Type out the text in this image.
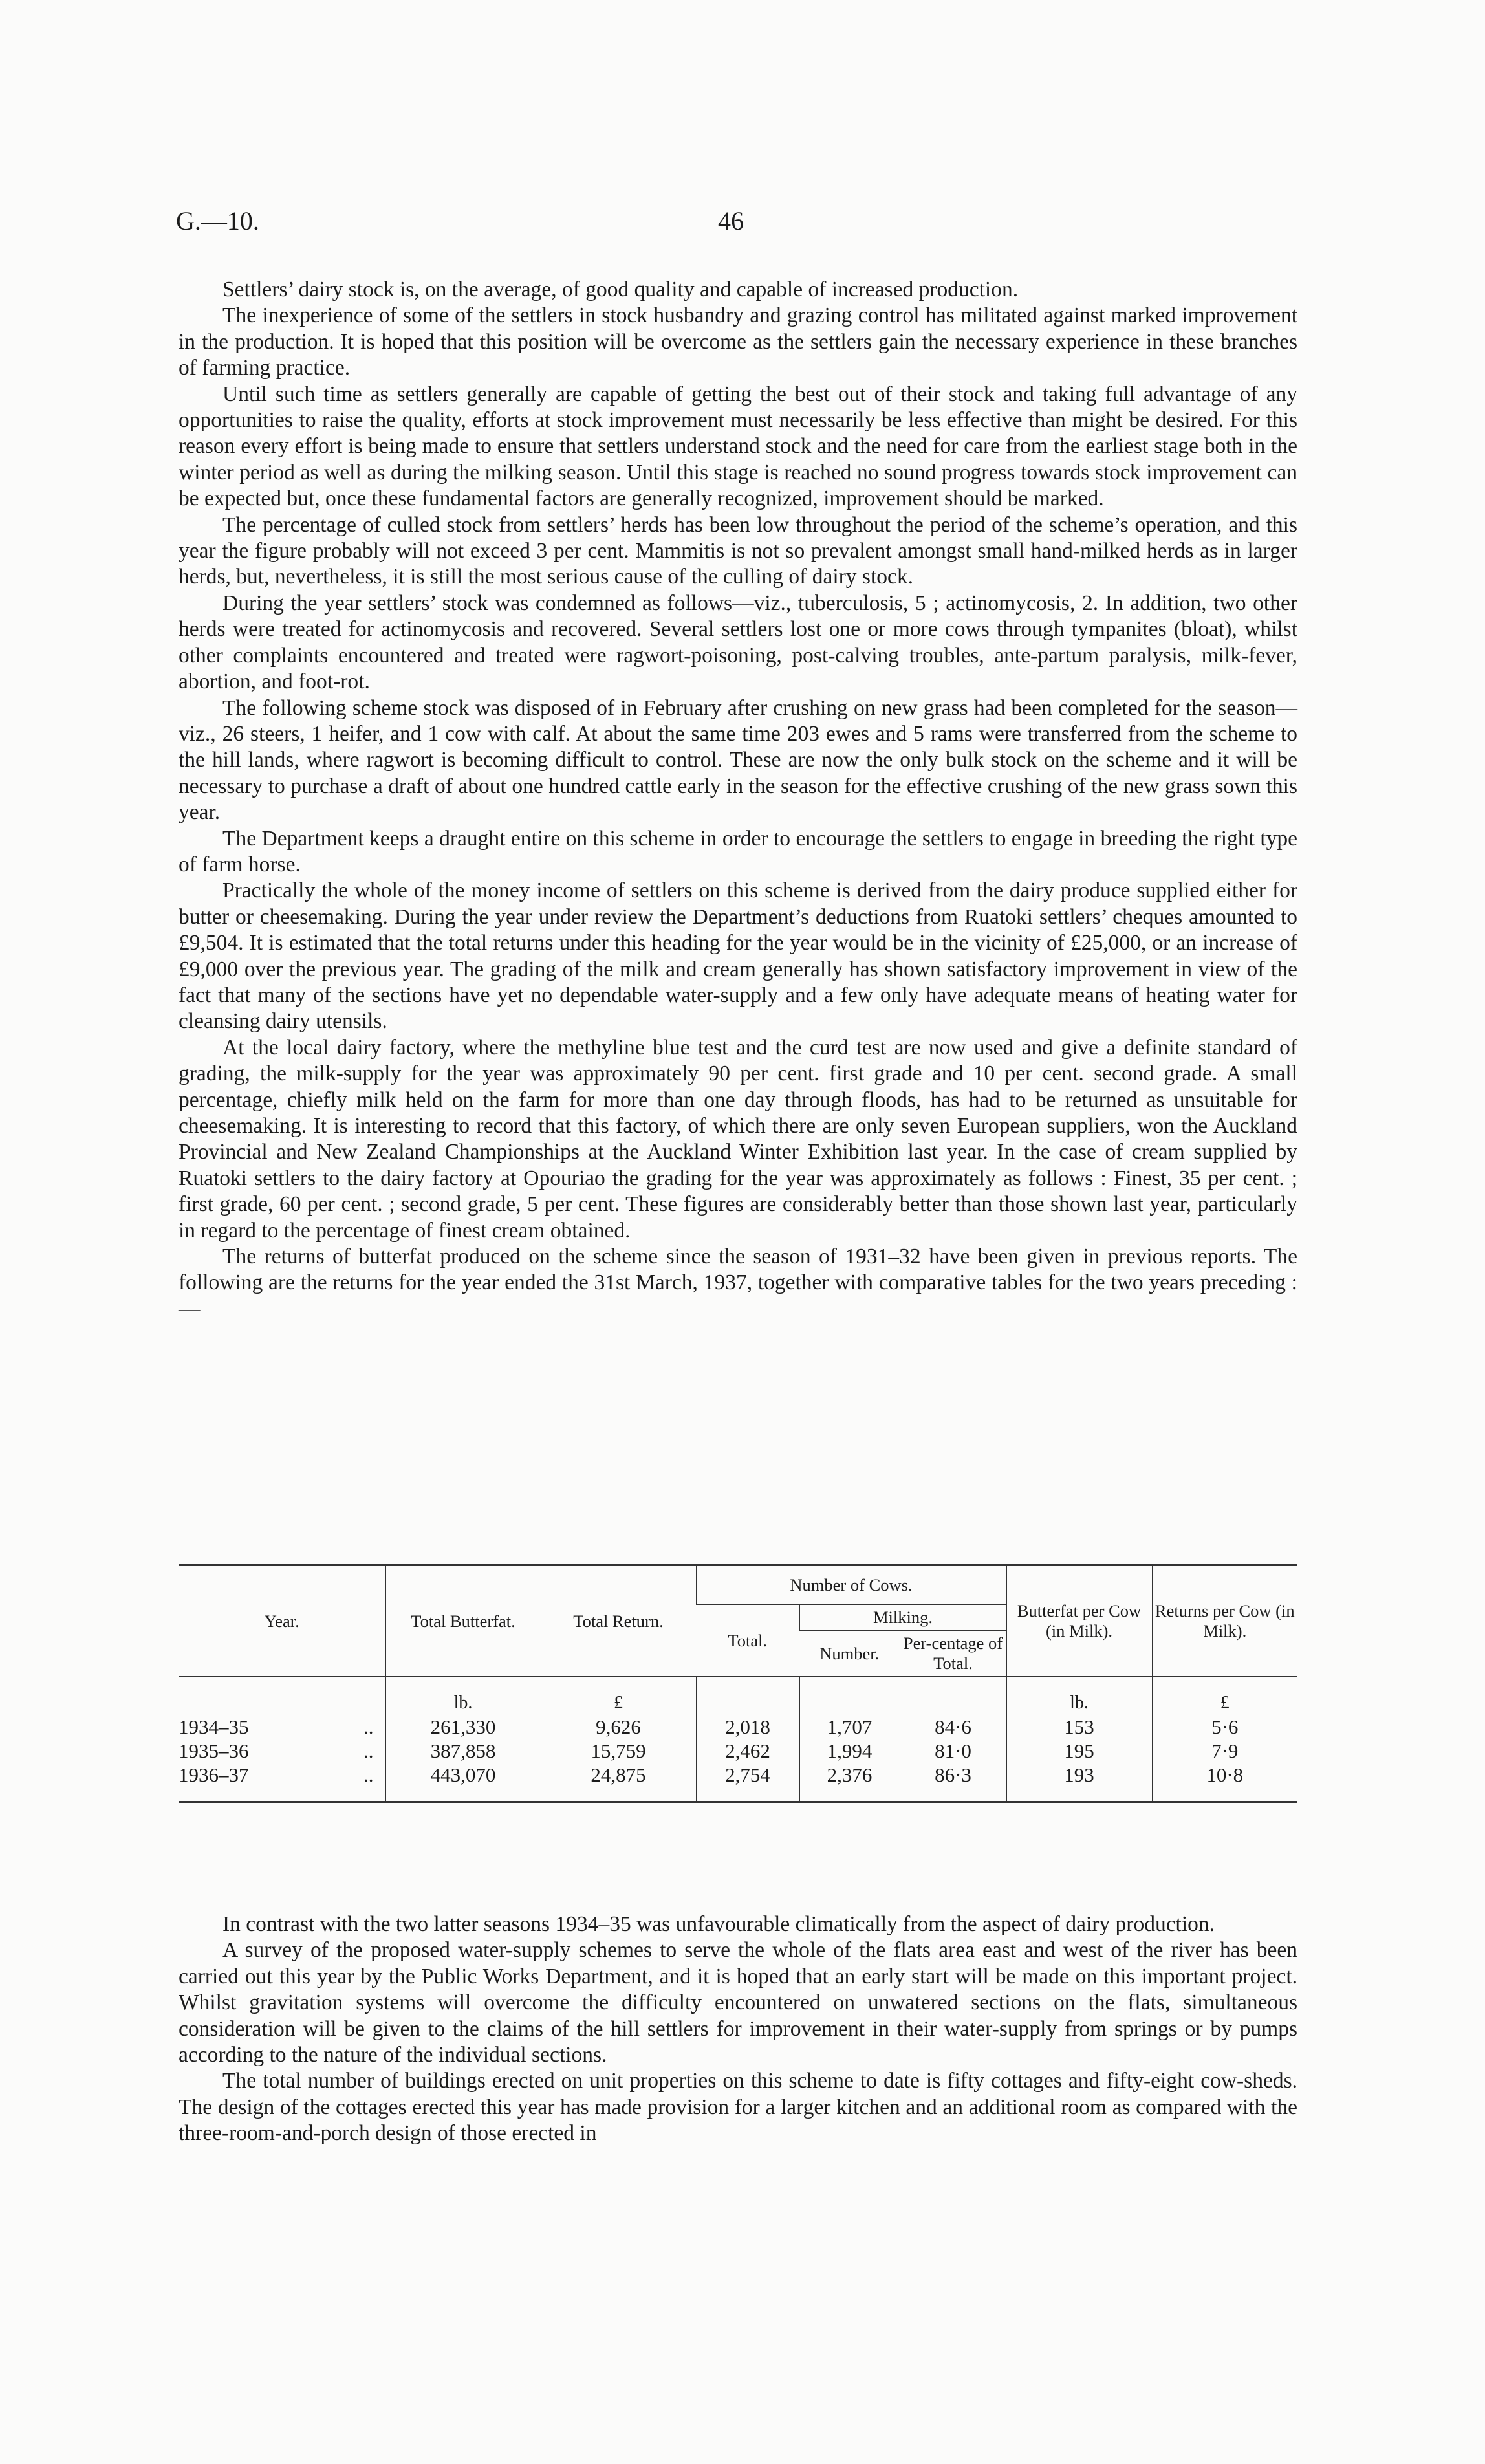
G.—10.	46

Settlers’ dairy stock is, on the average, of good quality and capable of increased production.

The inexperience of some of the settlers in stock husbandry and grazing control has militated against marked improvement in the production. It is hoped that this position will be overcome as the settlers gain the necessary experience in these branches of farming practice.

Until such time as settlers generally are capable of getting the best out of their stock and taking full advantage of any opportunities to raise the quality, efforts at stock improvement must necessarily be less effective than might be desired. For this reason every effort is being made to ensure that settlers understand stock and the need for care from the earliest stage both in the winter period as well as during the milking season. Until this stage is reached no sound progress towards stock improvement can be expected but, once these fundamental factors are generally recognized, improvement should be marked.

The percentage of culled stock from settlers’ herds has been low throughout the period of the scheme’s operation, and this year the figure probably will not exceed 3 per cent. Mammitis is not so prevalent amongst small hand-milked herds as in larger herds, but, nevertheless, it is still the most serious cause of the culling of dairy stock.

During the year settlers’ stock was condemned as follows—viz., tuberculosis, 5 ; actinomycosis, 2. In addition, two other herds were treated for actinomycosis and recovered. Several settlers lost one or more cows through tympanites (bloat), whilst other complaints encountered and treated were ragwort-poisoning, post-calving troubles, ante-partum paralysis, milk-fever, abortion, and foot-rot.

The following scheme stock was disposed of in February after crushing on new grass had been completed for the season—viz., 26 steers, 1 heifer, and 1 cow with calf. At about the same time 203 ewes and 5 rams were transferred from the scheme to the hill lands, where ragwort is becoming difficult to control. These are now the only bulk stock on the scheme and it will be necessary to purchase a draft of about one hundred cattle early in the season for the effective crushing of the new grass sown this year.

The Department keeps a draught entire on this scheme in order to encourage the settlers to engage in breeding the right type of farm horse.

Practically the whole of the money income of settlers on this scheme is derived from the dairy produce supplied either for butter or cheesemaking. During the year under review the Department’s deductions from Ruatoki settlers’ cheques amounted to £9,504. It is estimated that the total returns under this heading for the year would be in the vicinity of £25,000, or an increase of £9,000 over the previous year. The grading of the milk and cream generally has shown satisfactory improvement in view of the fact that many of the sections have yet no dependable water-supply and a few only have adequate means of heating water for cleansing dairy utensils.

At the local dairy factory, where the methyline blue test and the curd test are now used and give a definite standard of grading, the milk-supply for the year was approximately 90 per cent. first grade and 10 per cent. second grade. A small percentage, chiefly milk held on the farm for more than one day through floods, has had to be returned as unsuitable for cheesemaking. It is interesting to record that this factory, of which there are only seven European suppliers, won the Auckland Provincial and New Zealand Championships at the Auckland Winter Exhibition last year. In the case of cream supplied by Ruatoki settlers to the dairy factory at Opouriao the grading for the year was approximately as follows : Finest, 35 per cent. ; first grade, 60 per cent. ; second grade, 5 per cent. These figures are considerably better than those shown last year, particularly in regard to the percentage of finest cream obtained.

The returns of butterfat produced on the scheme since the season of 1931–32 have been given in previous reports. The following are the returns for the year ended the 31st March, 1937, together with comparative tables for the two years preceding :—

Year.	Total Butterfat.	Total Return.	Number of Cows.			Butterfat per Cow (in Milk).	Returns per Cow (in Milk).
			Total.	Milking.			
				Number.	Per-centage of Total.		
	lb.	£				lb.	£
1934–35 ..	261,330	9,626	2,018	1,707	84·6	153	5·6
1935–36 ..	387,858	15,759	2,462	1,994	81·0	195	7·9
1936–37 ..	443,070	24,875	2,754	2,376	86·3	193	10·8

In contrast with the two latter seasons 1934–35 was unfavourable climatically from the aspect of dairy production.

A survey of the proposed water-supply schemes to serve the whole of the flats area east and west of the river has been carried out this year by the Public Works Department, and it is hoped that an early start will be made on this important project. Whilst gravitation systems will overcome the difficulty encountered on unwatered sections on the flats, simultaneous consideration will be given to the claims of the hill settlers for improvement in their water-supply from springs or by pumps according to the nature of the individual sections.

The total number of buildings erected on unit properties on this scheme to date is fifty cottages and fifty-eight cow-sheds. The design of the cottages erected this year has made provision for a larger kitchen and an additional room as compared with the three-room-and-porch design of those erected in
